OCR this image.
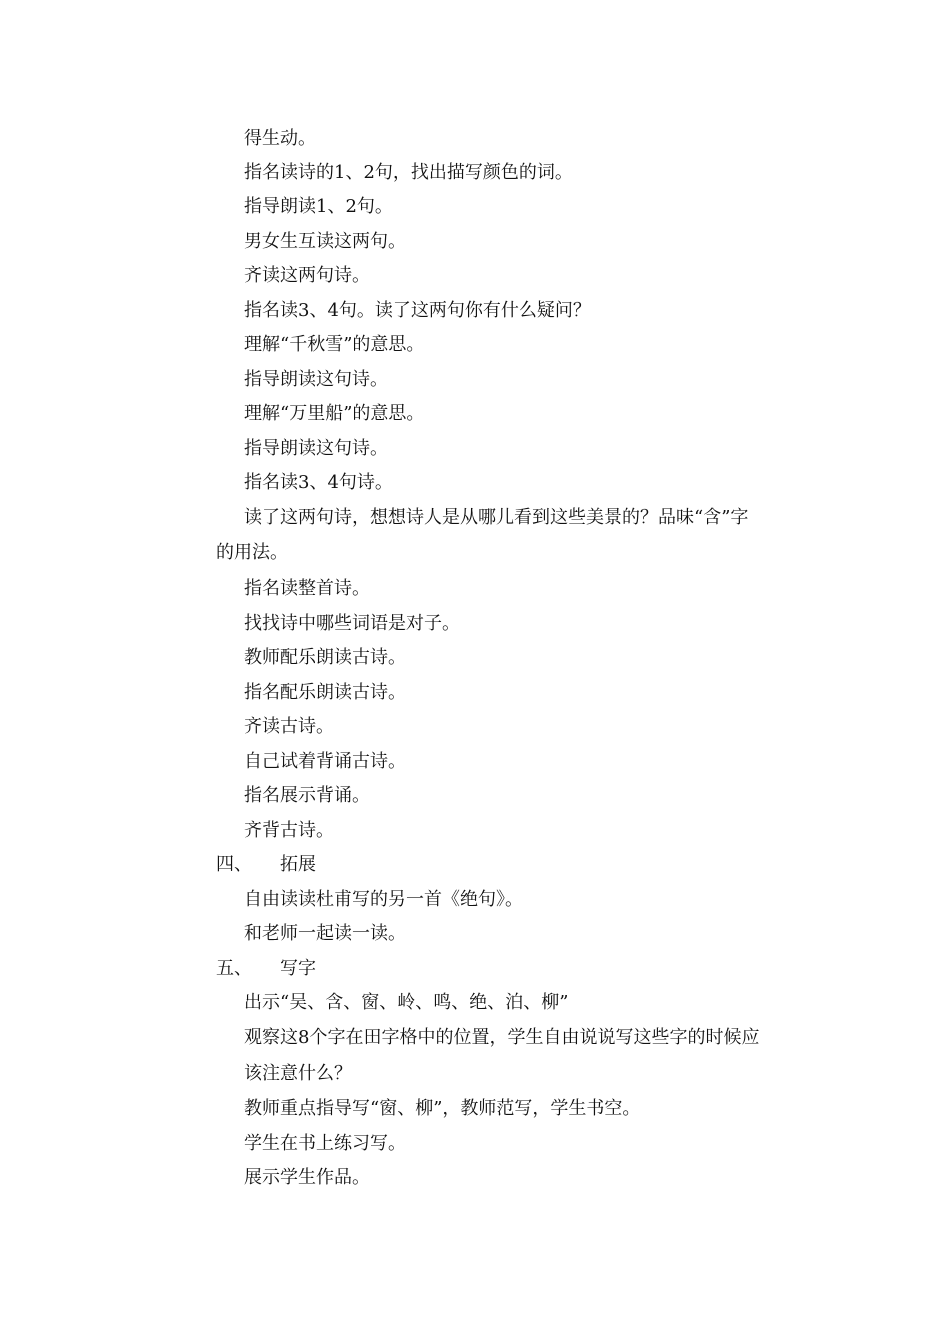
得生动。
指名读诗的1、2句，找出描写颜色的词。
指导朗读1、2句。
男女生互读这两句。
齐读这两句诗。
指名读3、4句。读了这两句你有什么疑问？
理解“千秋雪”的意思。
指导朗读这句诗。
理解“万里船”的意思。
指导朗读这句诗。
指名读3、4句诗。
读了这两句诗，想想诗人是从哪儿看到这些美景的？品味“含”字
的用法。
指名读整首诗。
找找诗中哪些词语是对子。
教师配乐朗读古诗。
指名配乐朗读古诗。
齐读古诗。
自己试着背诵古诗。
指名展示背诵。
齐背古诗。
四、 拓展
自由读读杜甫写的另一首《绝句》。
和老师一起读一读。
五、 写字
出示“吴、含、窗、岭、鸣、绝、泊、柳”
观察这8个字在田字格中的位置，学生自由说说写这些字的时候应
该注意什么？
教师重点指导写“窗、柳”，教师范写，学生书空。
学生在书上练习写。
展示学生作品。
